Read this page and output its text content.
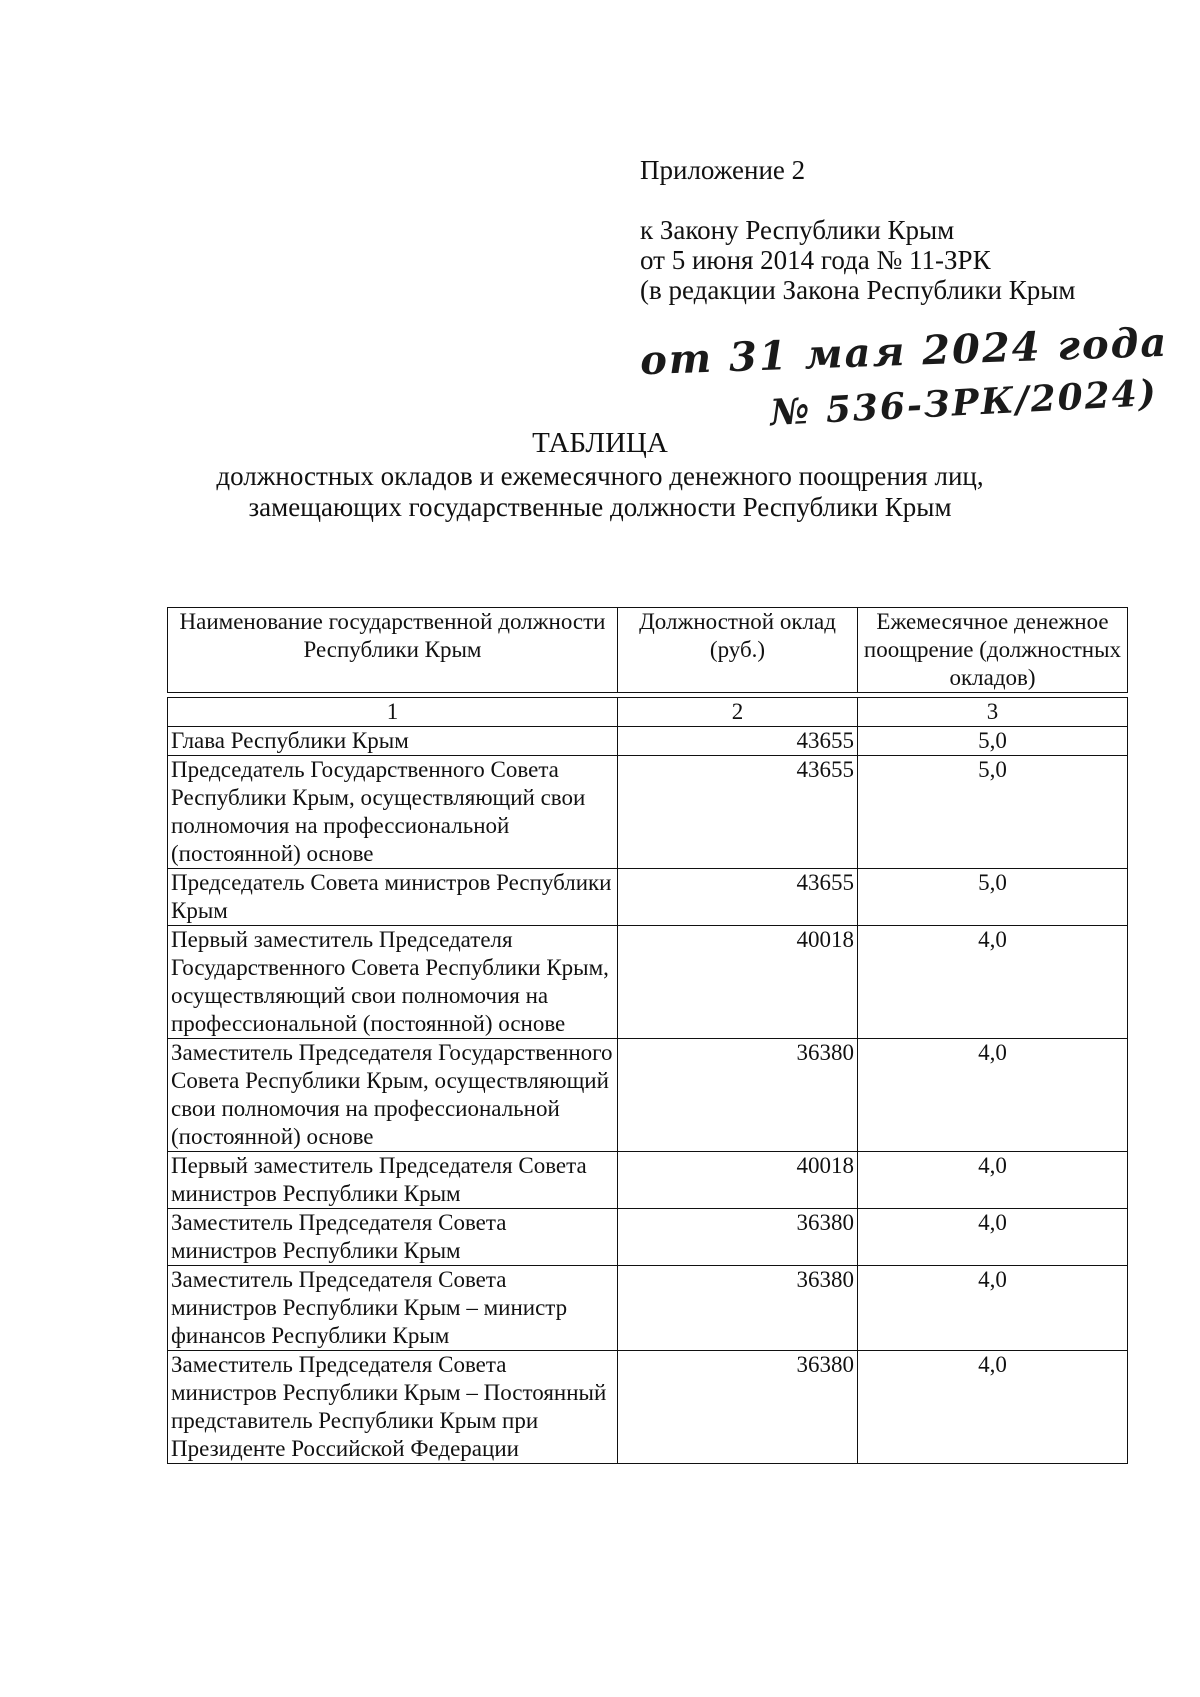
Приложение 2
к Закону Республики Крым
от 5 июня 2014 года № 11-ЗРК
(в редакции Закона Республики Крым
от 31 мая 2024 года
№ 536-ЗРК/2024)
ТАБЛИЦА
должностных окладов и ежемесячного денежного поощрения лиц,
замещающих государственные должности Республики Крым
Наименование государственной должности Республики Крым	Должностной оклад (руб.)	Ежемесячное денежное поощрение (должностных окладов)

1	2	3
Глава Республики Крым	43655	5,0
Председатель Государственного Совета Республики Крым, осуществляющий свои полномочия на профессиональной (постоянной) основе	43655	5,0
Председатель Совета министров Республики Крым	43655	5,0
Первый заместитель Председателя Государственного Совета Республики Крым, осуществляющий свои полномочия на профессиональной (постоянной) основе	40018	4,0
Заместитель Председателя Государственного Совета Республики Крым, осуществляющий свои полномочия на профессиональной (постоянной) основе	36380	4,0
Первый заместитель Председателя Совета министров Республики Крым	40018	4,0
Заместитель Председателя Совета министров Республики Крым	36380	4,0
Заместитель Председателя Совета министров Республики Крым – министр финансов Республики Крым	36380	4,0
Заместитель Председателя Совета министров Республики Крым – Постоянный представитель Республики Крым при Президенте Российской Федерации	36380	4,0
